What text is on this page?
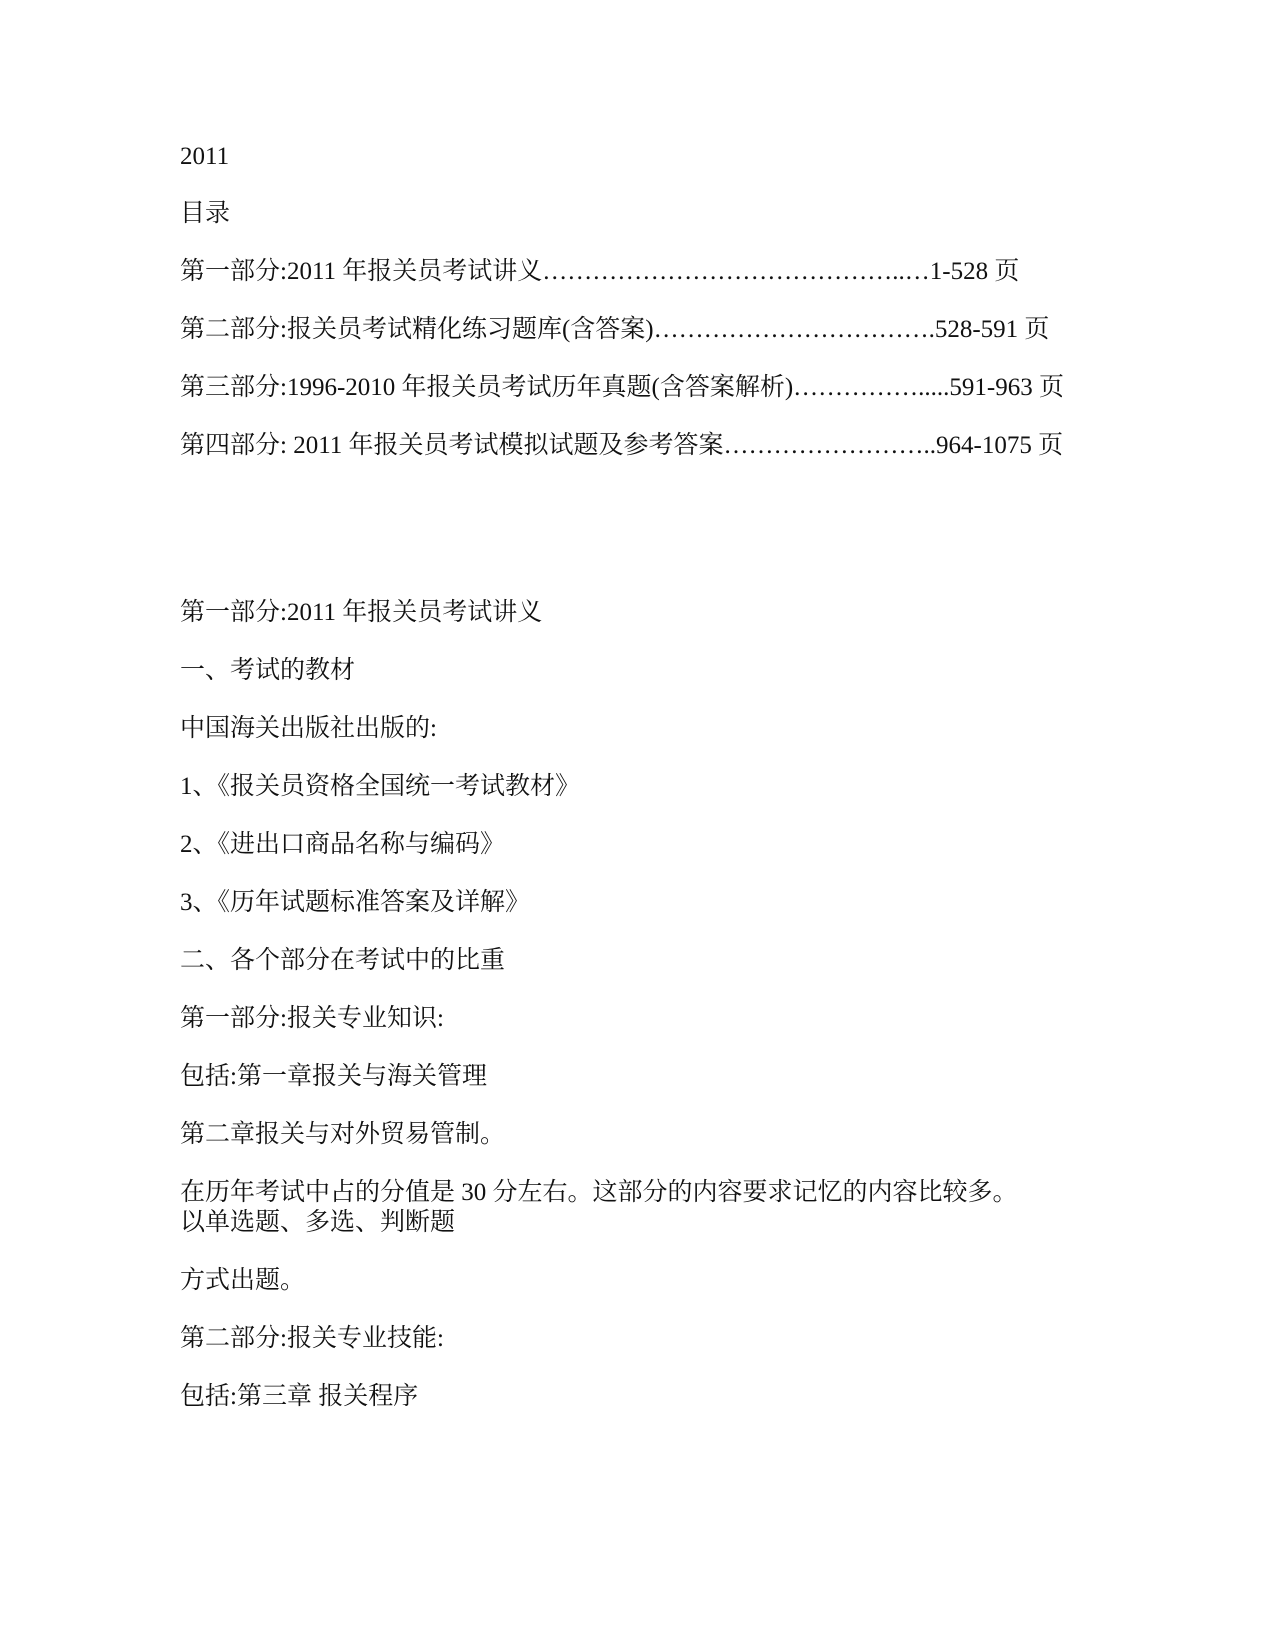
2011
目录
第一部分:2011 年报关员考试讲义……………………………………..…1-528 页
第二部分:报关员考试精化练习题库(含答案)…………………………….528-591 页
第三部分:1996-2010 年报关员考试历年真题(含答案解析)…………….....591-963 页
第四部分: 2011 年报关员考试模拟试题及参考答案……………………..964-1075 页
第一部分:2011 年报关员考试讲义
一、考试的教材
中国海关出版社出版的:
1、《报关员资格全国统一考试教材》
2、《进出口商品名称与编码》
3、《历年试题标准答案及详解》
二、各个部分在考试中的比重
第一部分:报关专业知识:
包括:第一章报关与海关管理
第二章报关与对外贸易管制。
在历年考试中占的分值是 30 分左右。这部分的内容要求记忆的内容比较多。以单选题、多选、判断题
方式出题。
第二部分:报关专业技能:
包括:第三章 报关程序
